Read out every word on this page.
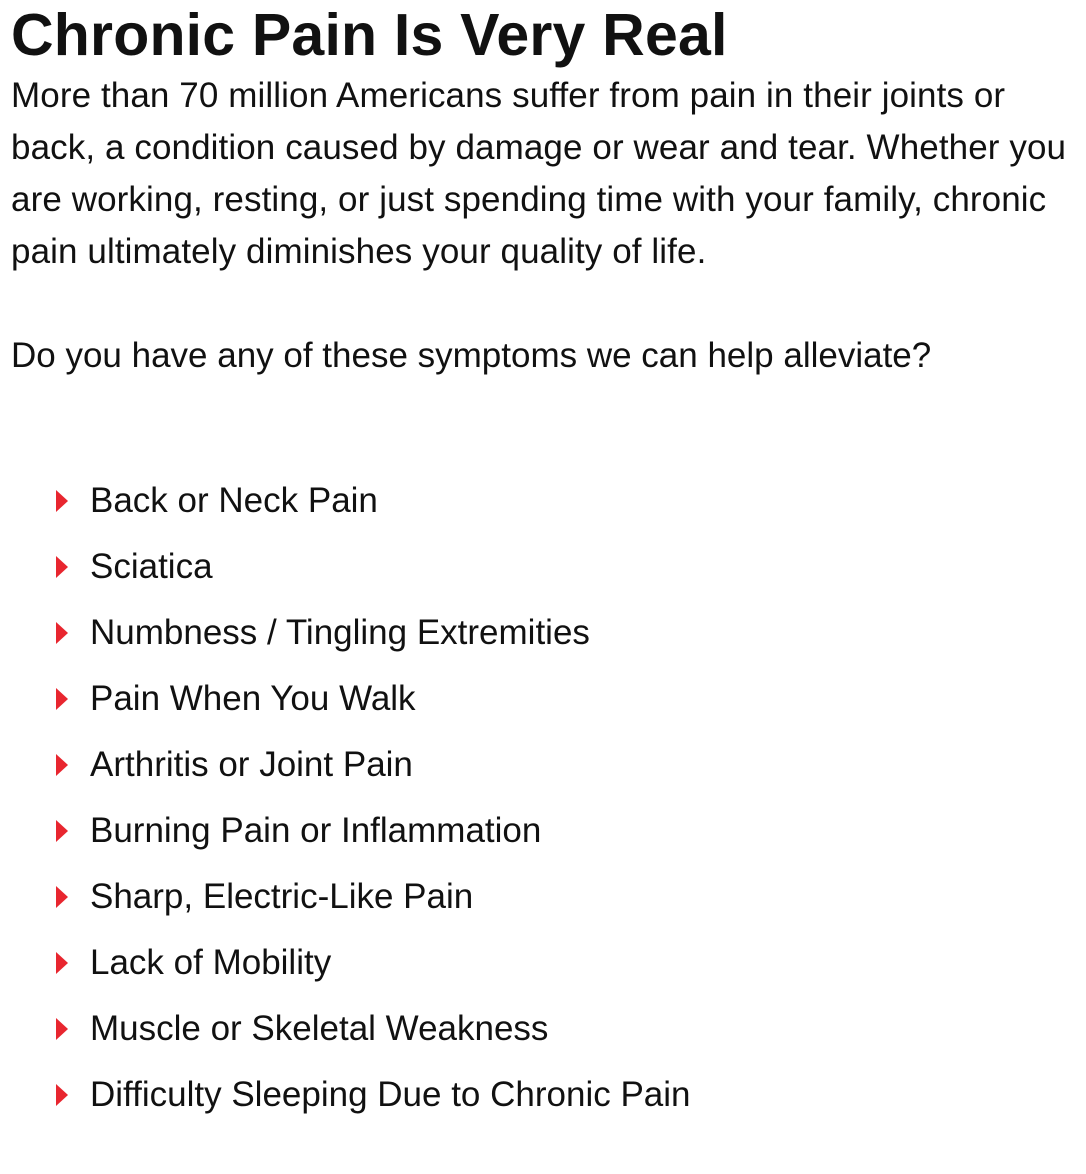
Chronic Pain Is Very Real

More than 70 million Americans suffer from pain in their joints or back, a condition caused by damage or wear and tear. Whether you are working, resting, or just spending time with your family, chronic pain ultimately diminishes your quality of life.

Do you have any of these symptoms we can help alleviate?

Back or Neck Pain
Sciatica
Numbness / Tingling Extremities
Pain When You Walk
Arthritis or Joint Pain
Burning Pain or Inflammation
Sharp, Electric-Like Pain
Lack of Mobility
Muscle or Skeletal Weakness
Difficulty Sleeping Due to Chronic Pain
